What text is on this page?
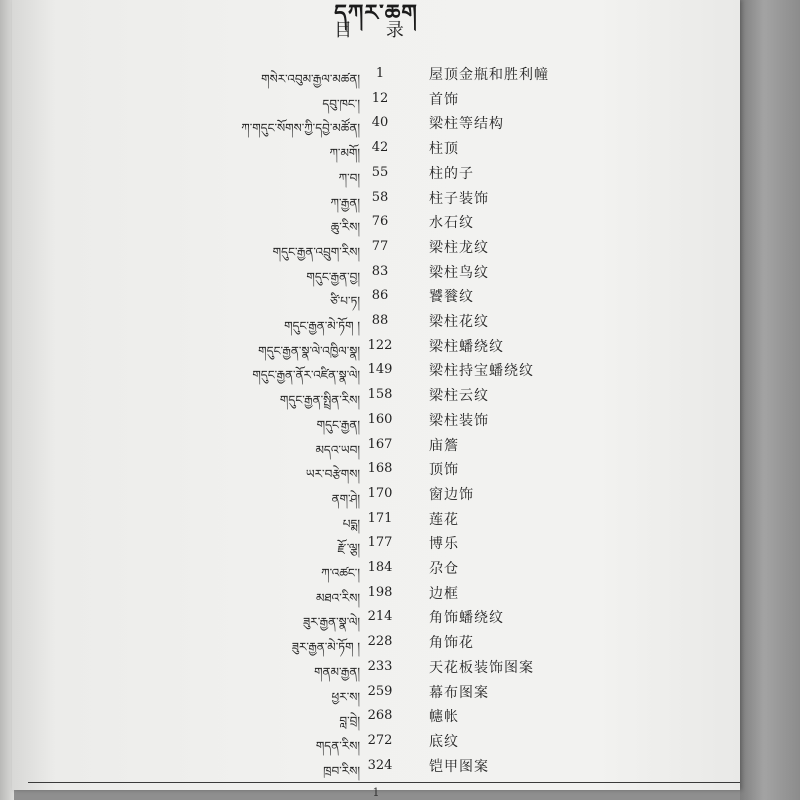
དཀར་ཆག
目 录
གསེར་འབུམ་རྒྱལ་མཚན།	1	屋顶金瓶和胜利幢
དབུ་ཁང་། 12	首饰
ཀ་གདུང་སོགས་ཀྱི་དབྱེ་མཚོན། 40	梁柱等结构
ཀ་མགོ། 42	柱顶
ཀ་བ། 55	柱的子
ཀ་རྒྱན། 58	柱子装饰
ཆུ་རིས། 76	水石纹
གདུང་རྒྱན་འབྲུག་རིས། 77	梁柱龙纹
གདུང་རྒྱན་བྱ། 83	梁柱鸟纹
ཙི་པ་ཏ། 86	饕餮纹
གདུང་རྒྱན་མེ་ཏོག ། 88	梁柱花纹
གདུང་རྒྱན་སྣ་ལེ་འཁྱིལ་སྣ། 122	梁柱蟠绕纹
གདུང་རྒྱན་ནོར་འཛིན་སྣ་ལེ། 149	梁柱持宝蟠绕纹
གདུང་རྒྱན་སྤྲིན་རིས། 158	梁柱云纹
གདུང་རྒྱན། 160	梁柱装饰
མདའ་ཡབ། 167	庙簷
ཡར་བརྩེགས། 168	顶饰
ནག་ཤེ། 170	窗边饰
པདྨ། 171	莲花
རྫོ་ལྕ། 177	博乐
ཀ་འཚང་། 184	尕仓
མཐའ་རིས། 198	边框
ཟུར་རྒྱན་སྣ་ལེ། 214	角饰蟠绕纹
ཟུར་རྒྱན་མེ་ཏོག ། 228	角饰花
གནམ་རྒྱན། 233	天花板装饰图案
ཕྱར་ས། 259	幕布图案
བླ་བྲེ། 268	幰帐
གདན་རིས། 272	底纹
ཁྲབ་རིས། 324	铠甲图案
1
